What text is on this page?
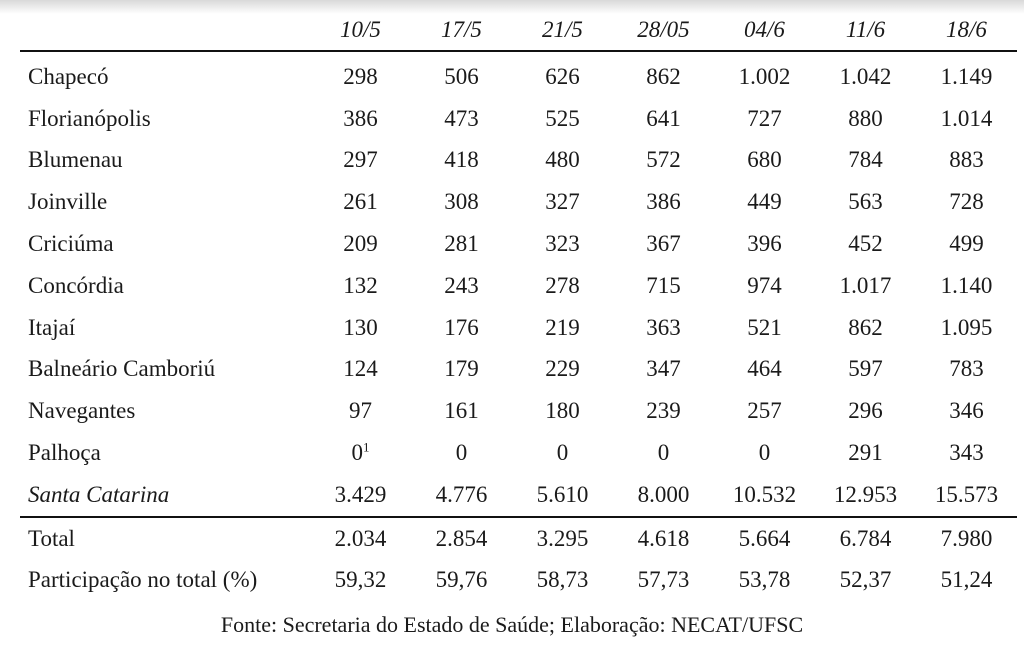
	10/5	17/5	21/5	28/05	04/6	11/6	18/6
Chapecó	298	506	626	862	1.002	1.042	1.149
Florianópolis	386	473	525	641	727	880	1.014
Blumenau	297	418	480	572	680	784	883
Joinville	261	308	327	386	449	563	728
Criciúma	209	281	323	367	396	452	499
Concórdia	132	243	278	715	974	1.017	1.140
Itajaí	130	176	219	363	521	862	1.095
Balneário Camboriú	124	179	229	347	464	597	783
Navegantes	97	161	180	239	257	296	346
Palhoça	$0^1$	0	0	0	0	291	343
Santa Catarina	3.429	4.776	5.610	8.000	10.532	12.953	15.573
Total	2.034	2.854	3.295	4.618	5.664	6.784	7.980
Participação no total (%)	59,32	59,76	58,73	57,73	53,78	52,37	51,24
Fonte: Secretaria do Estado de Saúde; Elaboração: NECAT/UFSC
